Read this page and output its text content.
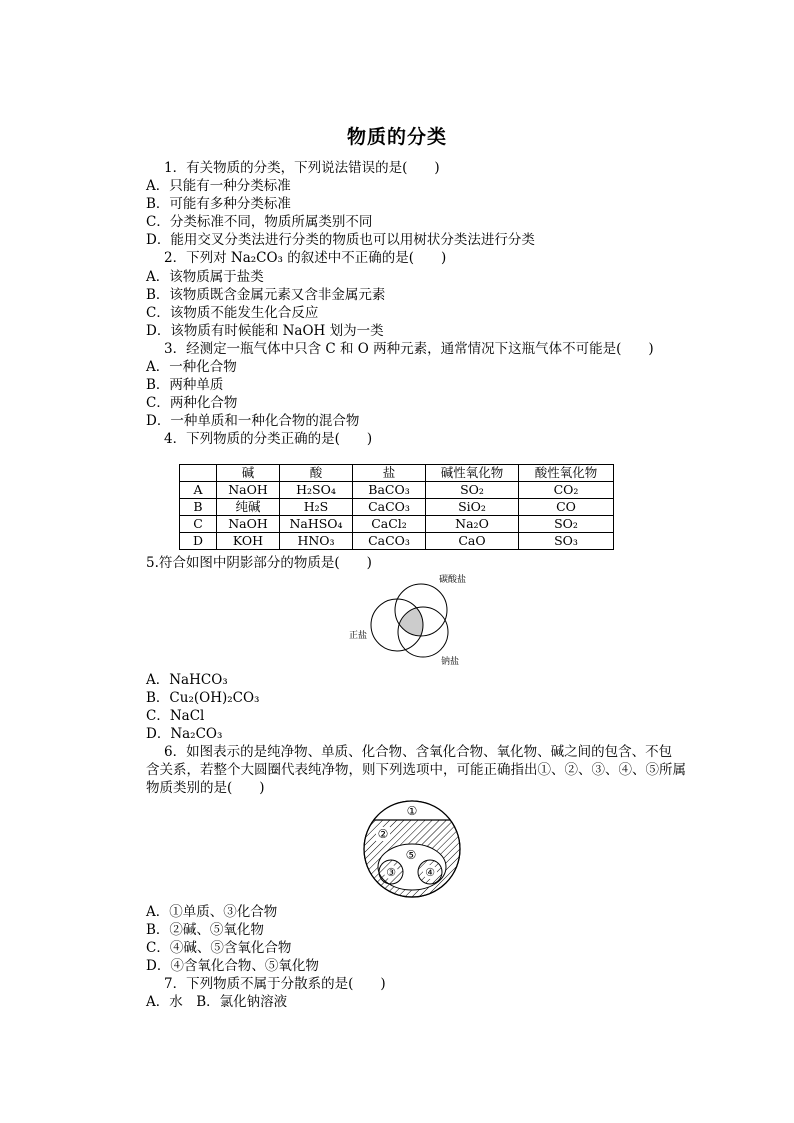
物质的分类
1．有关物质的分类，下列说法错误的是(　　)
A．只能有一种分类标准
B．可能有多种分类标准
C．分类标准不同，物质所属类别不同
D．能用交叉分类法进行分类的物质也可以用树状分类法进行分类
2．下列对 Na₂CO₃ 的叙述中不正确的是(　　)
A．该物质属于盐类
B．该物质既含金属元素又含非金属元素
C．该物质不能发生化合反应
D．该物质有时候能和 NaOH 划为一类
3．经测定一瓶气体中只含 C 和 O 两种元素，通常情况下这瓶气体不可能是(　　)
A．一种化合物
B．两种单质
C．两种化合物
D．一种单质和一种化合物的混合物
4．下列物质的分类正确的是(　　)
	碱	酸	盐	碱性氧化物	酸性氧化物
A	NaOH	H₂SO₄	BaCO₃	SO₂	CO₂
B	纯碱	H₂S	CaCO₃	SiO₂	CO
C	NaOH	NaHSO₄	CaCl₂	Na₂O	SO₂
D	KOH	HNO₃	CaCO₃	CaO	SO₃
5.符合如图中阴影部分的物质是(　　)
碳酸盐
正盐
钠盐
A．NaHCO₃
B．Cu₂(OH)₂CO₃
C．NaCl
D．Na₂CO₃
6．如图表示的是纯净物、单质、化合物、含氧化合物、氧化物、碱之间的包含、不包
含关系，若整个大圆圈代表纯净物，则下列选项中，可能正确指出①、②、③、④、⑤所属
物质类别的是(　　)
①
②
③	④
⑤
A．①单质、③化合物
B．②碱、⑤氧化物
C．④碱、⑤含氧化合物
D．④含氧化合物、⑤氧化物
7．下列物质不属于分散系的是(　　)
A．水　B．氯化钠溶液
